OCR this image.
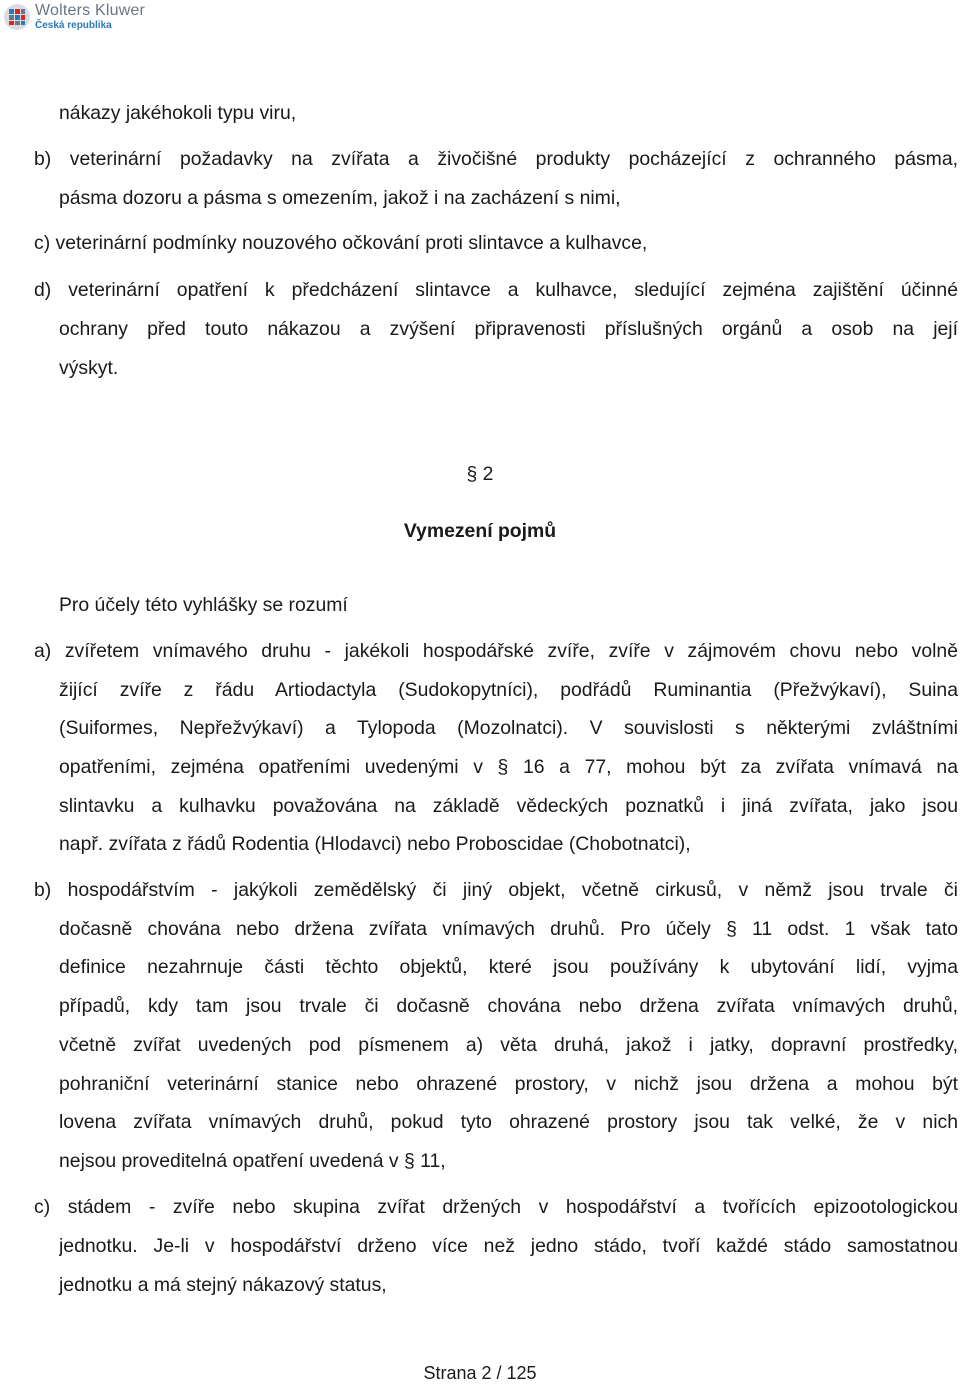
Wolters Kluwer
Česká republika
nákazy jakéhokoli typu viru,
b) veterinární požadavky na zvířata a živočišné produkty pocházející z ochranného pásma,
pásma dozoru a pásma s omezením, jakož i na zacházení s nimi,
c) veterinární podmínky nouzového očkování proti slintavce a kulhavce,
d) veterinární opatření k předcházení slintavce a kulhavce, sledující zejména zajištění účinné
ochrany před touto nákazou a zvýšení připravenosti příslušných orgánů a osob na její
výskyt.
§ 2
Vymezení pojmů
Pro účely této vyhlášky se rozumí
a) zvířetem vnímavého druhu - jakékoli hospodářské zvíře, zvíře v zájmovém chovu nebo volně
žijící zvíře z řádu Artiodactyla (Sudokopytníci), podřádů Ruminantia (Přežvýkaví), Suina
(Suiformes, Nepřežvýkaví) a Tylopoda (Mozolnatci). V souvislosti s některými zvláštními
opatřeními, zejména opatřeními uvedenými v § 16 a 77, mohou být za zvířata vnímavá na
slintavku a kulhavku považována na základě vědeckých poznatků i jiná zvířata, jako jsou
např. zvířata z řádů Rodentia (Hlodavci) nebo Proboscidae (Chobotnatci),
b) hospodářstvím - jakýkoli zemědělský či jiný objekt, včetně cirkusů, v němž jsou trvale či
dočasně chována nebo držena zvířata vnímavých druhů. Pro účely § 11 odst. 1 však tato
definice nezahrnuje části těchto objektů, které jsou používány k ubytování lidí, vyjma
případů, kdy tam jsou trvale či dočasně chována nebo držena zvířata vnímavých druhů,
včetně zvířat uvedených pod písmenem a) věta druhá, jakož i jatky, dopravní prostředky,
pohraniční veterinární stanice nebo ohrazené prostory, v nichž jsou držena a mohou být
lovena zvířata vnímavých druhů, pokud tyto ohrazené prostory jsou tak velké, že v nich
nejsou proveditelná opatření uvedená v § 11,
c) stádem - zvíře nebo skupina zvířat držených v hospodářství a tvořících epizootologickou
jednotku. Je-li v hospodářství drženo více než jedno stádo, tvoří každé stádo samostatnou
jednotku a má stejný nákazový status,
Strana 2 / 125
